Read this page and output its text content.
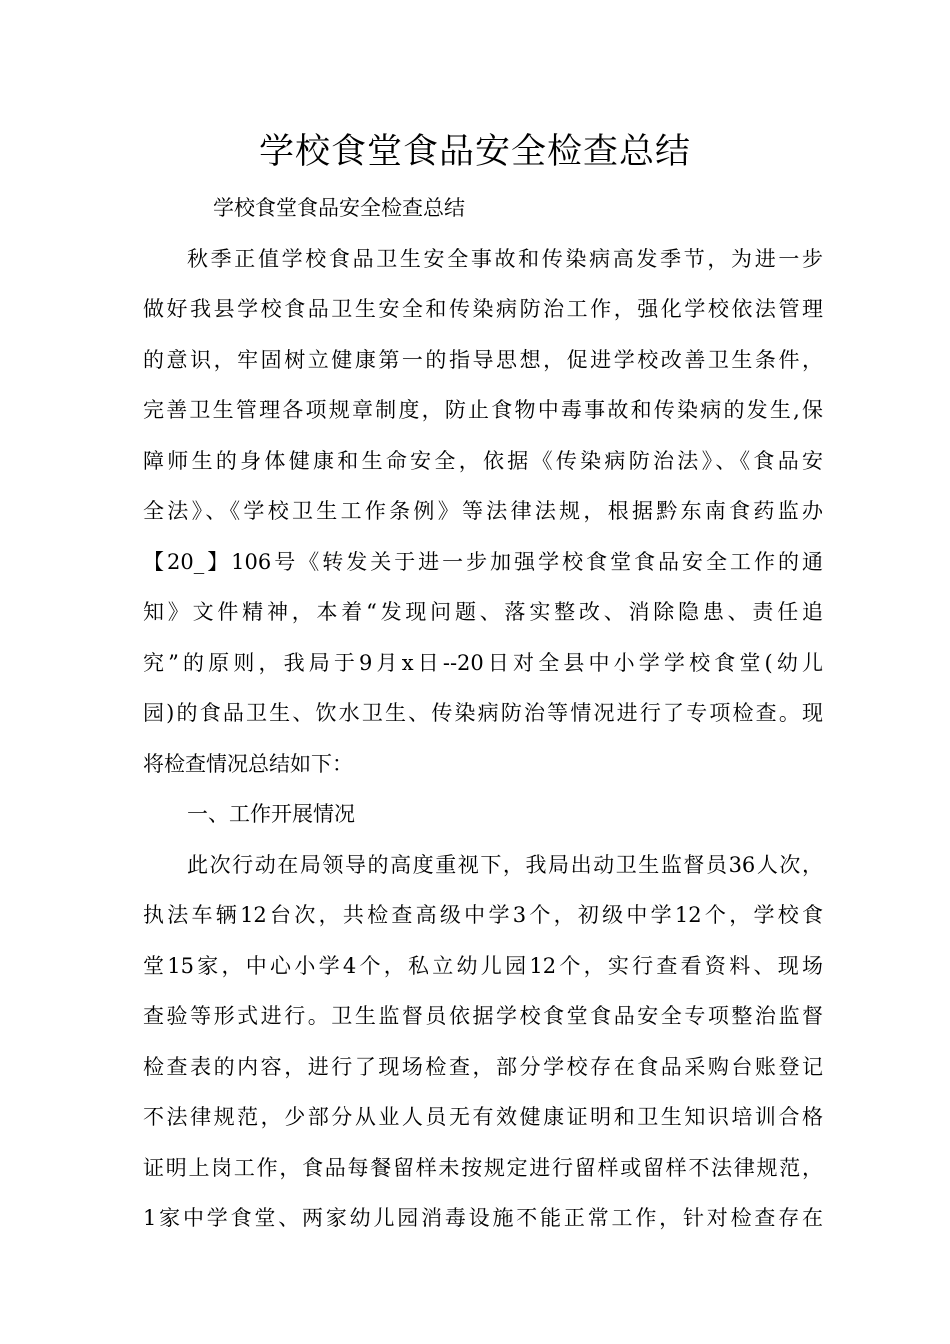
学校食堂食品安全检查总结
学校食堂食品安全检查总结
秋季正值学校食品卫生安全事故和传染病高发季节，为进一步
做好我县学校食品卫生安全和传染病防治工作，强化学校依法管理
的意识，牢固树立健康第一的指导思想，促进学校改善卫生条件，
完善卫生管理各项规章制度，防止食物中毒事故和传染病的发生,保
障师生的身体健康和生命安全，依据《传染病防治法》、《食品安
全法》、《学校卫生工作条例》等法律法规，根据黔东南食药监办
【20_】106号《转发关于进一步加强学校食堂食品安全工作的通
知》文件精神，本着“发现问题、落实整改、消除隐患、责任追
究”的原则，我局于9月x日--20日对全县中小学学校食堂(幼儿
园)的食品卫生、饮水卫生、传染病防治等情况进行了专项检查。现
将检查情况总结如下：
一、工作开展情况
此次行动在局领导的高度重视下，我局出动卫生监督员36人次，
执法车辆12台次，共检查高级中学3个，初级中学12个，学校食
堂15家，中心小学4个，私立幼儿园12个，实行查看资料、现场
查验等形式进行。卫生监督员依据学校食堂食品安全专项整治监督
检查表的内容，进行了现场检查，部分学校存在食品采购台账登记
不法律规范，少部分从业人员无有效健康证明和卫生知识培训合格
证明上岗工作，食品每餐留样未按规定进行留样或留样不法律规范，
1家中学食堂、两家幼儿园消毒设施不能正常工作，针对检查存在
